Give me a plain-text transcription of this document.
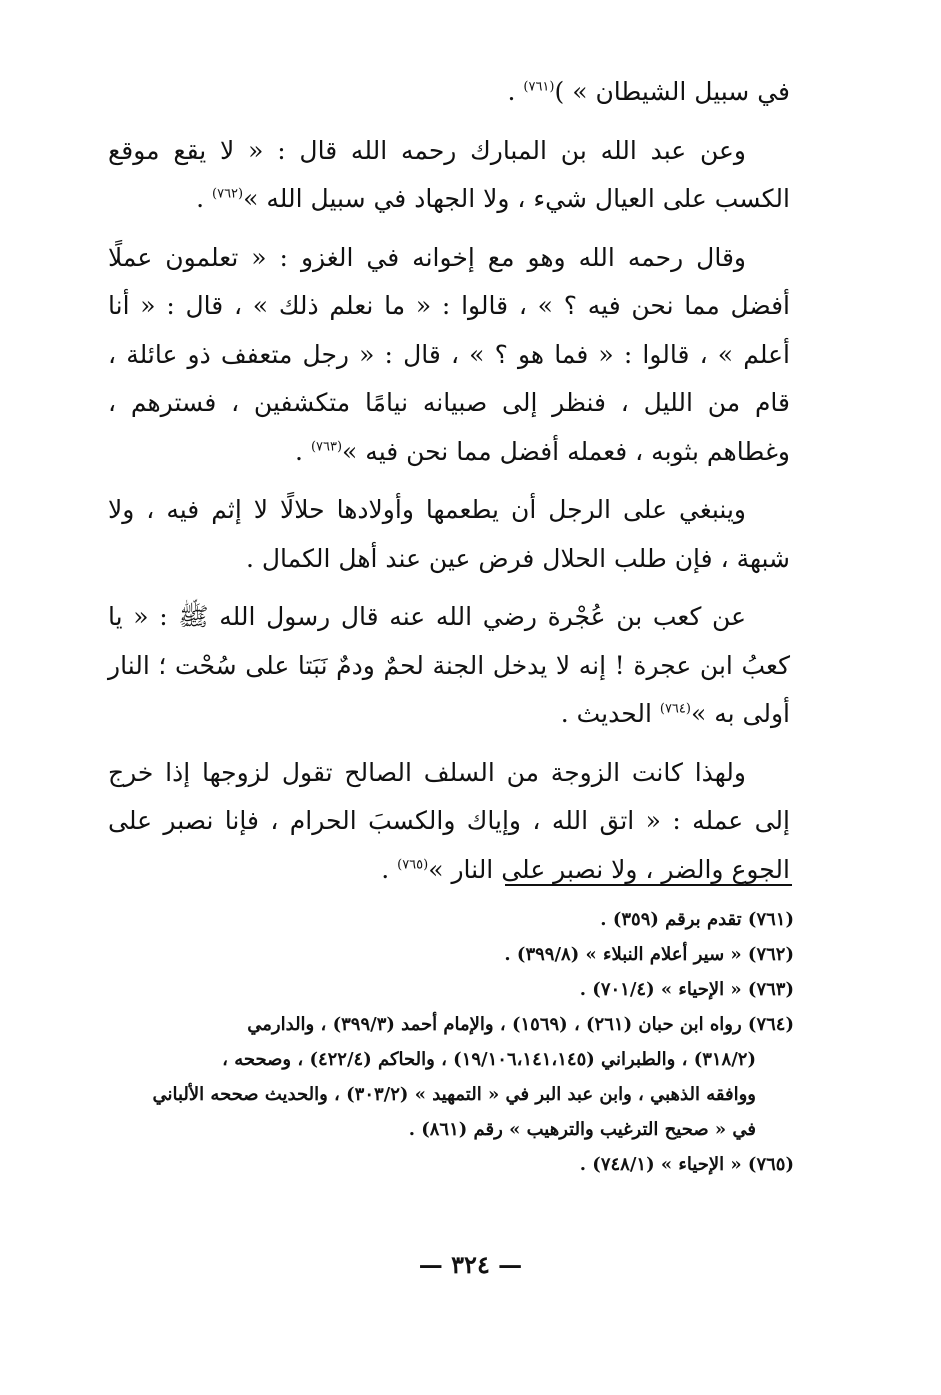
في سبيل الشيطان » )$^{(٧٦١)}$ .

وعن عبد الله بن المبارك رحمه الله قال : « لا يقع موقع الكسب على العيال شيء ، ولا الجهاد في سبيل الله »$^{(٧٦٢)}$ .

وقال رحمه الله وهو مع إخوانه في الغزو : « تعلمون عملًا أفضل مما نحن فيه ؟ » ، قالوا : « ما نعلم ذلك » ، قال : « أنا أعلم » ، قالوا : « فما هو ؟ » ، قال : « رجل متعفف ذو عائلة ، قام من الليل ، فنظر إلى صبيانه نيامًا متكشفين ، فسترهم ، وغطاهم بثوبه ، فعمله أفضل مما نحن فيه »$^{(٧٦٣)}$ .

وينبغي على الرجل أن يطعمها وأولادها حلالًا لا إثم فيه ، ولا شبهة ، فإن طلب الحلال فرض عين عند أهل الكمال .

عن كعب بن عُجْرة رضي الله عنه قال رسول الله ﷺ : « يا كعبُ ابن عجرة ! إنه لا يدخل الجنة لحمٌ ودمٌ نَبَتا على سُحْت ؛ النار أولى به »$^{(٧٦٤)}$ الحديث .

ولهذا كانت الزوجة من السلف الصالح تقول لزوجها إذا خرج إلى عمله : « اتق الله ، وإياك والكسبَ الحرام ، فإنا نصبر على الجوع والضر ، ولا نصبر على النار »$^{(٧٦٥)}$ .

(٧٦١) تقدم برقم (٣٥٩) .

(٧٦٢) « سير أعلام النبلاء » (٣٩٩/٨) .

(٧٦٣) « الإحياء » (٧٠١/٤) .

(٧٦٤) رواه ابن حبان (٢٦١) ، (١٥٦٩) ، والإمام أحمد (٣٩٩/٣) ، والدارمي

(٣١٨/٢) ، والطبراني (١٩/١٠٦،١٤١،١٤٥) ، والحاكم (٤٢٢/٤) ، وصححه ،

ووافقه الذهبي ، وابن عبد البر في « التمهيد » (٣٠٣/٢) ، والحديث صححه الألباني

في « صحيح الترغيب والترهيب » رقم (٨٦١) .

(٧٦٥) « الإحياء » (٧٤٨/١) .

— ٣٢٤ —
